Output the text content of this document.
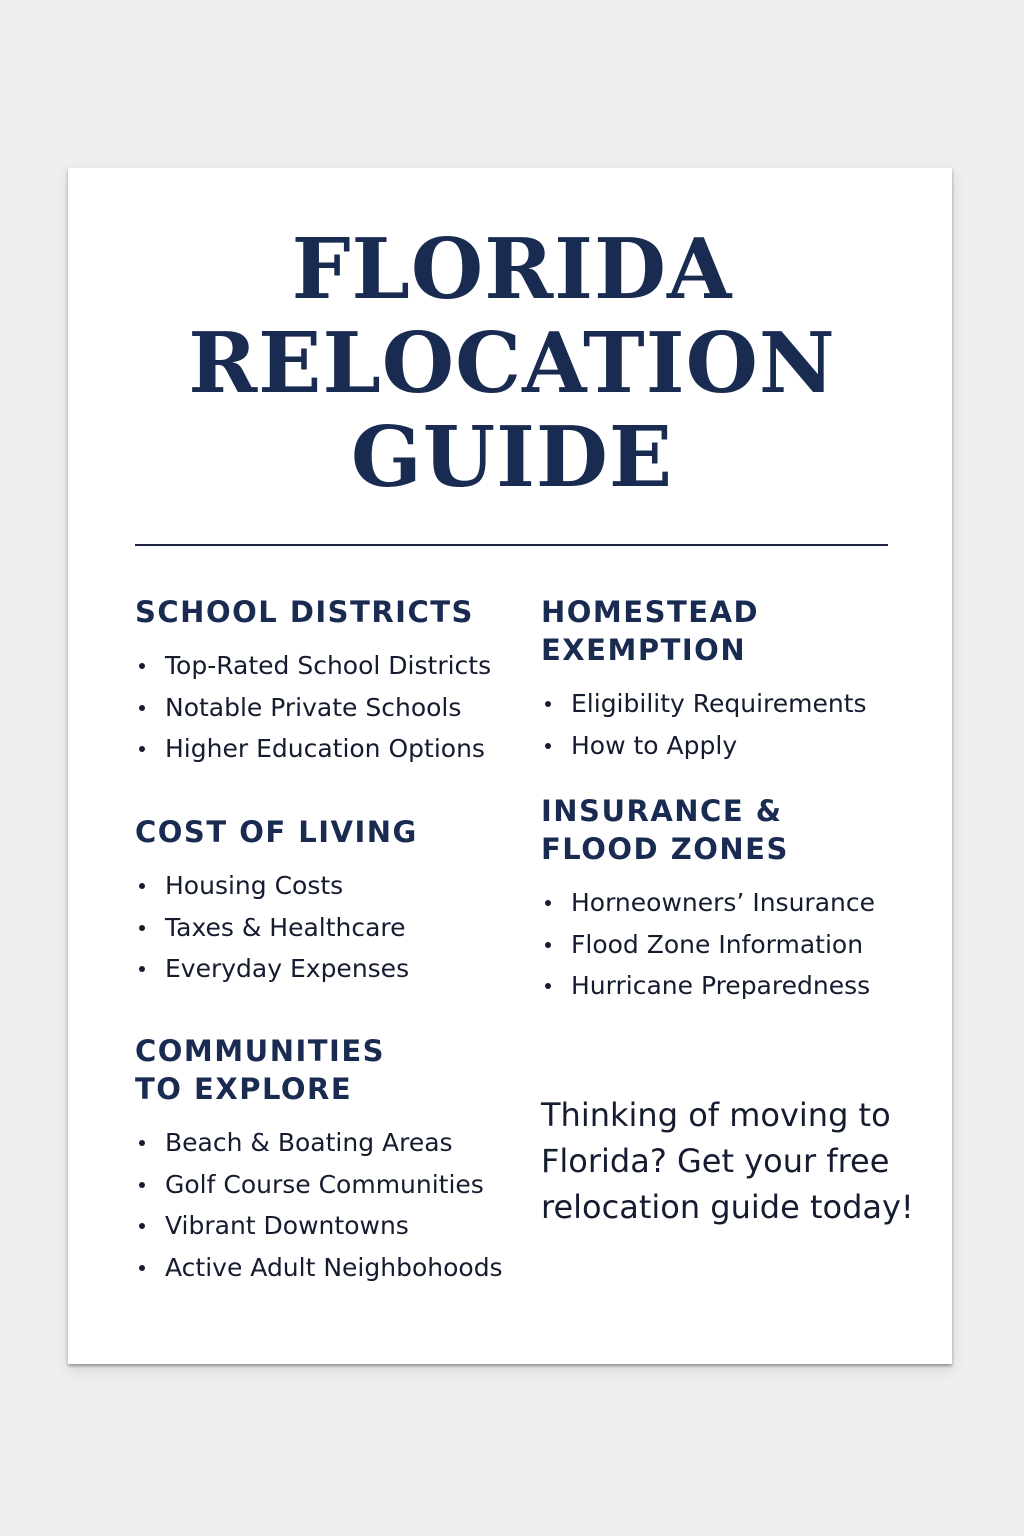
FLORIDA
RELOCATION
GUIDE
SCHOOL DISTRICTS
Top-Rated School Districts
Notable Private Schools
Higher Education Options
COST OF LIVING
Housing Costs
Taxes & Healthcare
Everyday Expenses
COMMUNITIES
TO EXPLORE
Beach & Boating Areas
Golf Course Communities
Vibrant Downtowns
Active Adult Neighbohoods
HOMESTEAD
EXEMPTION
Eligibility Requirements
How to Apply
INSURANCE &
FLOOD ZONES
Horneowners’ Insurance
Flood Zone Information
Hurricane Preparedness

Thinking of moving to Florida? Get your free relocation guide today!
